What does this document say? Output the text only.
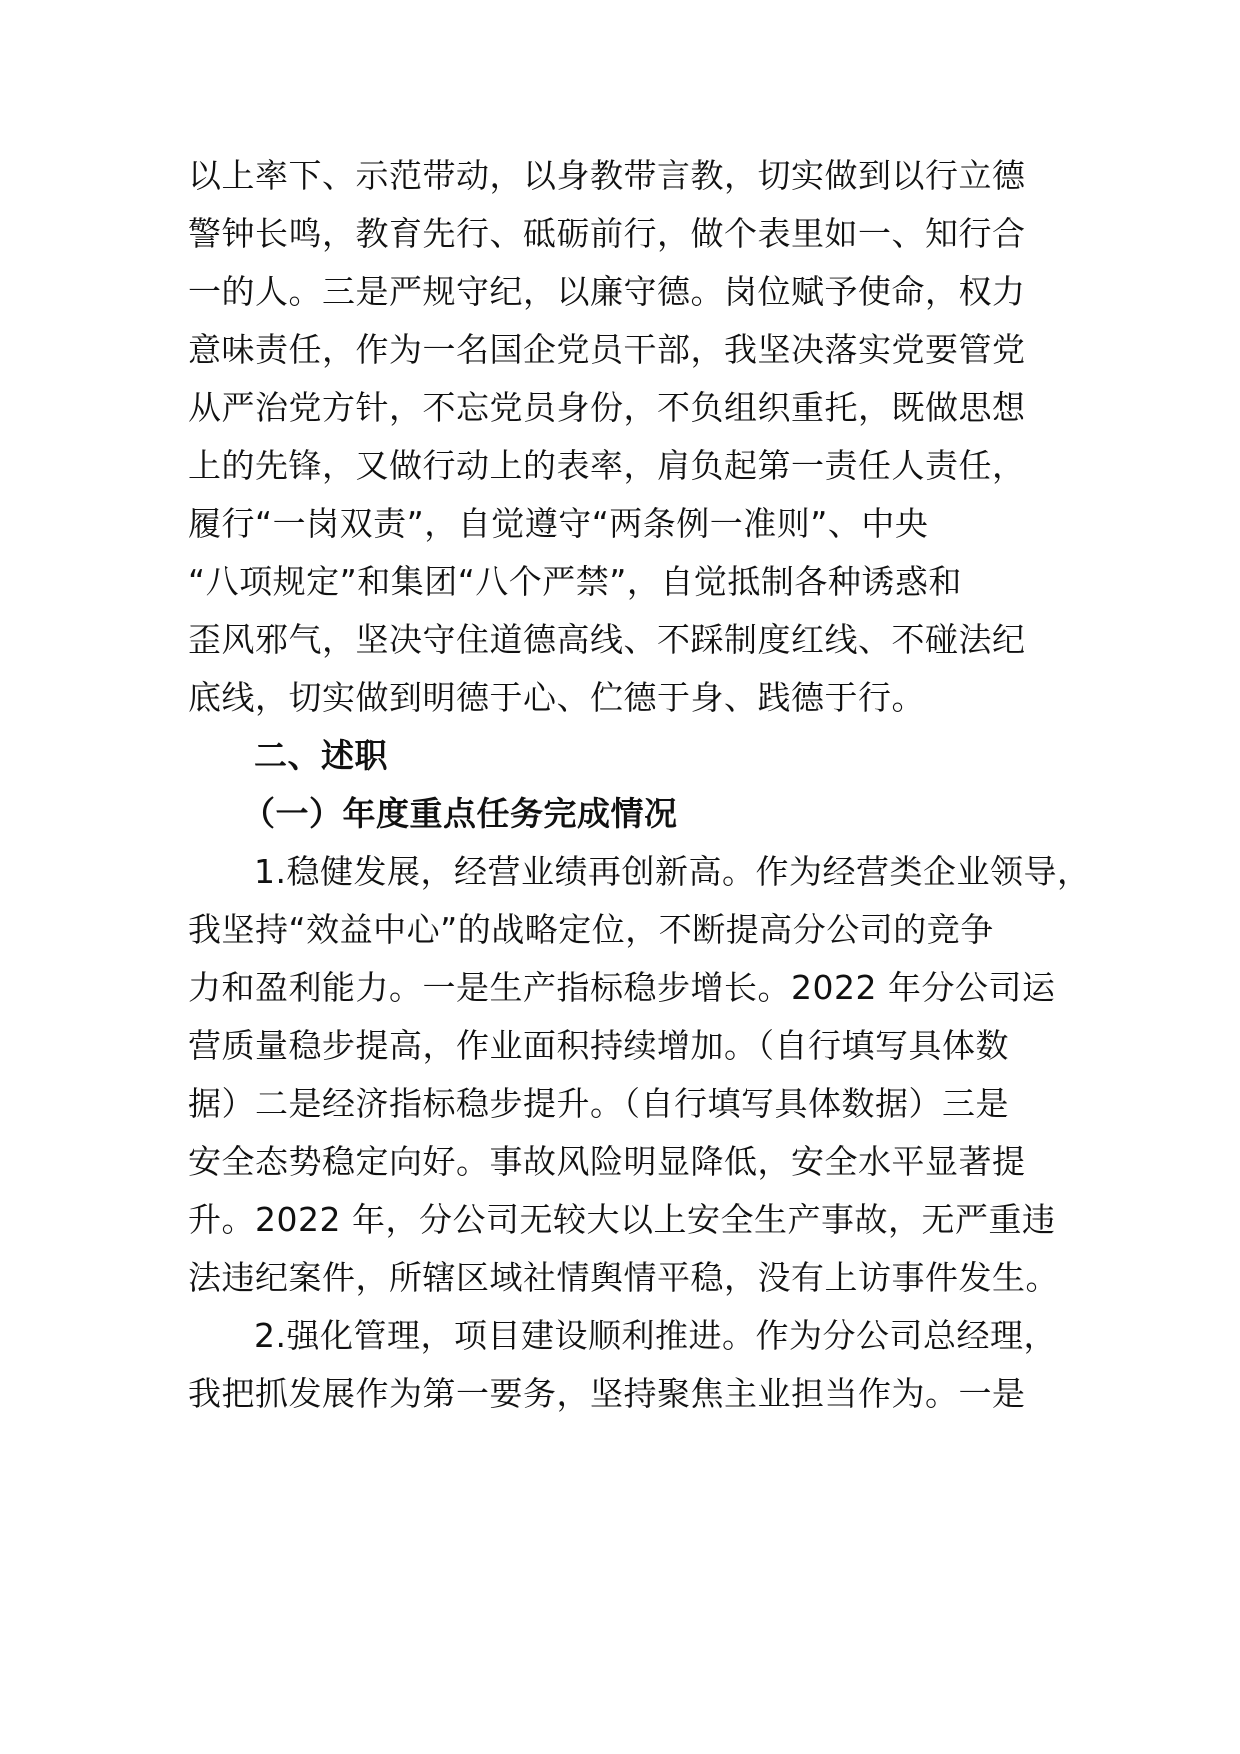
以上率下、示范带动，以身教带言教，切实做到以行立德
警钟长鸣，教育先行、砥砺前行，做个表里如一、知行合
一的人。三是严规守纪，以廉守德。岗位赋予使命，权力
意味责任，作为一名国企党员干部，我坚决落实党要管党
从严治党方针，不忘党员身份，不负组织重托，既做思想
上的先锋，又做行动上的表率，肩负起第一责任人责任，
履行“一岗双责”，自觉遵守“两条例一准则”、中央
“八项规定”和集团“八个严禁”，自觉抵制各种诱惑和
歪风邪气，坚决守住道德高线、不踩制度红线、不碰法纪
底线，切实做到明德于心、伫德于身、践德于行。
二、述职
（一）年度重点任务完成情况
1.稳健发展，经营业绩再创新高。作为经营类企业领导，
我坚持“效益中心”的战略定位，不断提高分公司的竞争
力和盈利能力。一是生产指标稳步增长。2022 年分公司运
营质量稳步提高，作业面积持续增加。（自行填写具体数
据）二是经济指标稳步提升。（自行填写具体数据）三是
安全态势稳定向好。事故风险明显降低，安全水平显著提
升。2022 年，分公司无较大以上安全生产事故，无严重违
法违纪案件，所辖区域社情舆情平稳，没有上访事件发生。
2.强化管理，项目建设顺利推进。作为分公司总经理，
我把抓发展作为第一要务，坚持聚焦主业担当作为。一是
